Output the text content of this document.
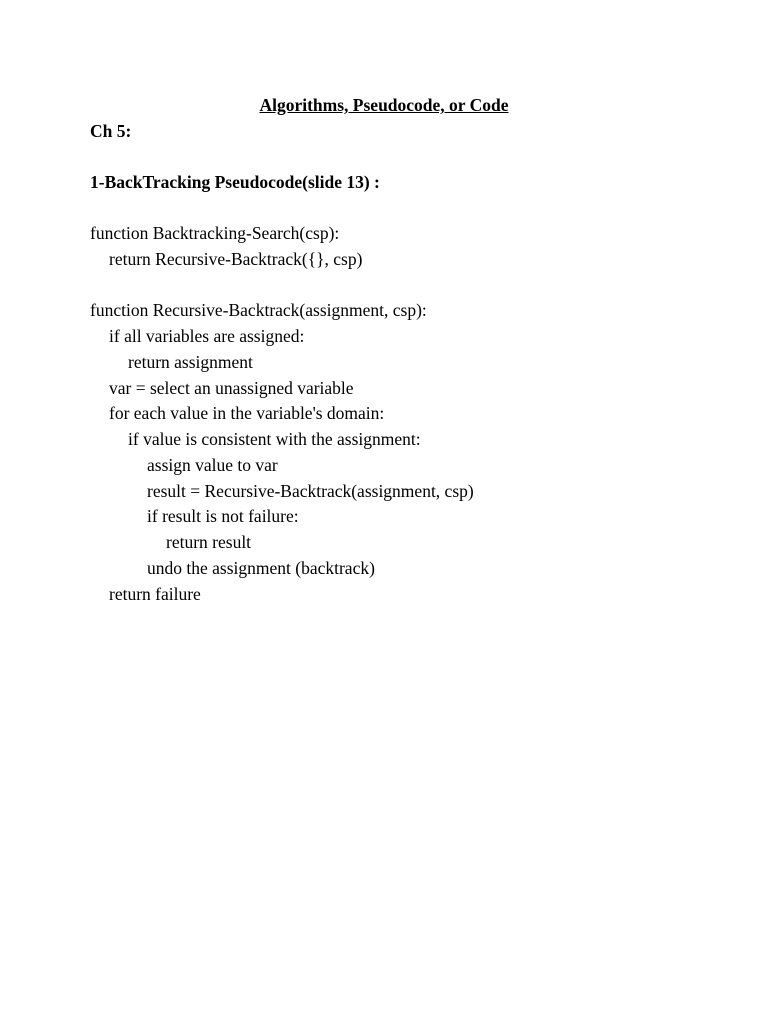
Algorithms, Pseudocode, or Code
Ch 5:
1-BackTracking Pseudocode(slide 13) :
function Backtracking-Search(csp):
return Recursive-Backtrack({}, csp)
function Recursive-Backtrack(assignment, csp):
if all variables are assigned:
return assignment
var = select an unassigned variable
for each value in the variable's domain:
if value is consistent with the assignment:
assign value to var
result = Recursive-Backtrack(assignment, csp)
if result is not failure:
return result
undo the assignment (backtrack)
return failure
